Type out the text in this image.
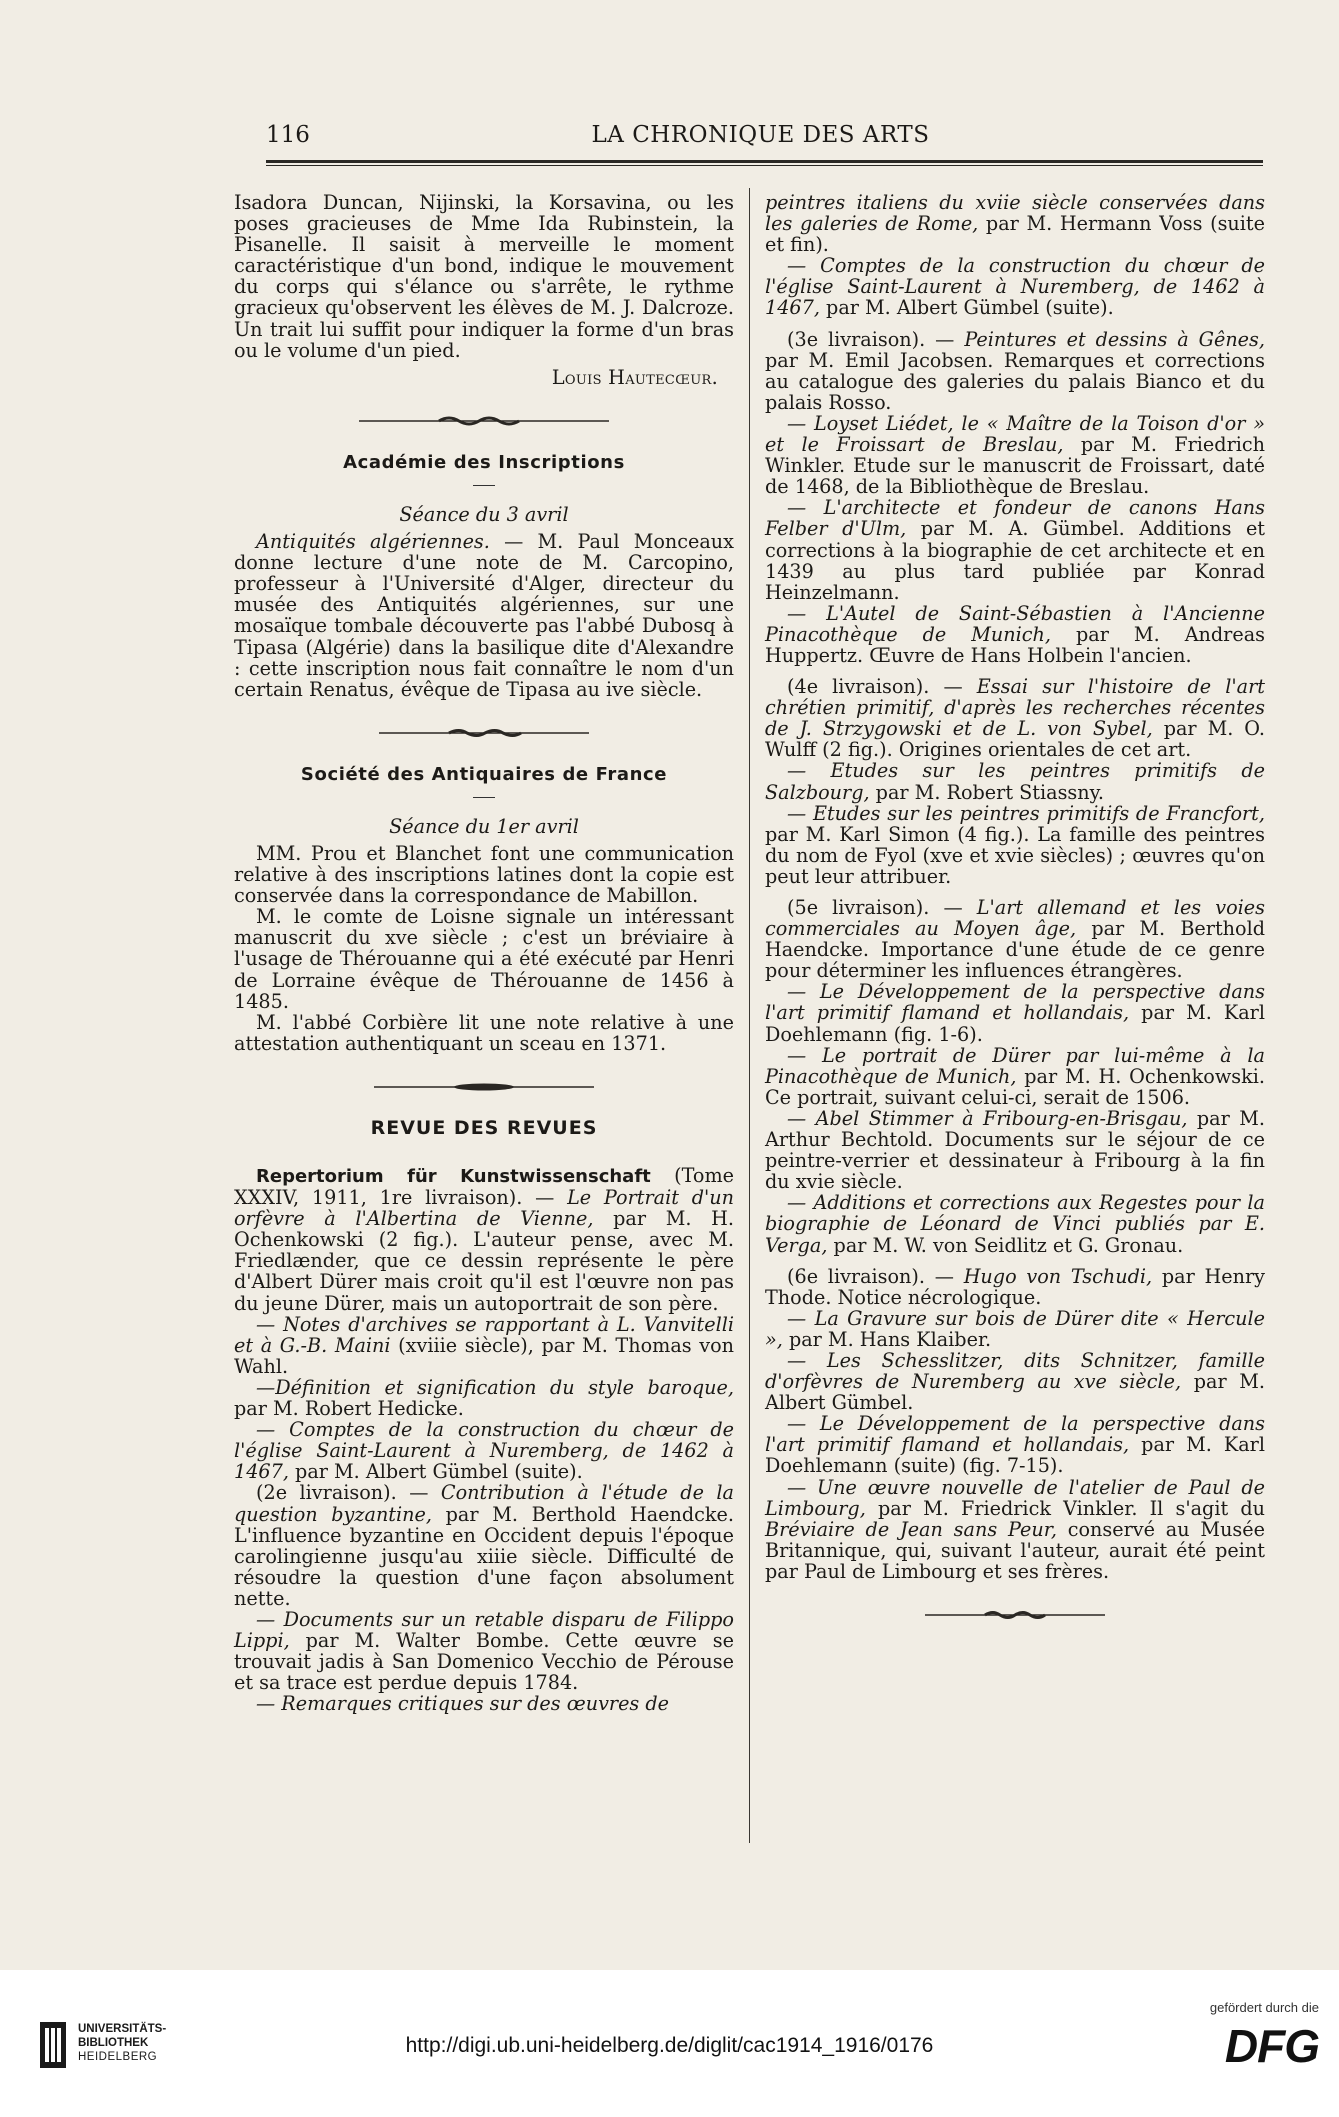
116	LA CHRONIQUE DES ARTS

Isadora Duncan, Nijinski, la Korsavina, ou les poses gracieuses de Mme Ida Rubinstein, la Pisanelle. Il saisit à merveille le moment caractéristique d'un bond, indique le mouvement du corps qui s'élance ou s'arrête, le rythme gracieux qu'observent les élèves de M. J. Dalcroze. Un trait lui suffit pour indiquer la forme d'un bras ou le volume d'un pied.

Louis Hautecœur.
Académie des Inscriptions
Séance du 3 avril

Antiquités algériennes. — M. Paul Monceaux donne lecture d'une note de M. Carcopino, professeur à l'Université d'Alger, directeur du musée des Antiquités algériennes, sur une mosaïque tombale découverte pas l'abbé Dubosq à Tipasa (Algérie) dans la basilique dite d'Alexandre : cette inscription nous fait connaître le nom d'un certain Renatus, évêque de Tipasa au ive siècle.

Société des Antiquaires de France
Séance du 1er avril

MM. Prou et Blanchet font une communication relative à des inscriptions latines dont la copie est conservée dans la correspondance de Mabillon.

M. le comte de Loisne signale un intéressant manuscrit du xve siècle ; c'est un bréviaire à l'usage de Thérouanne qui a été exécuté par Henri de Lorraine évêque de Thérouanne de 1456 à 1485.

M. l'abbé Corbière lit une note relative à une attestation authentiquant un sceau en 1371.

REVUE DES REVUES

Repertorium für Kunstwissenschaft (Tome XXXIV, 1911, 1re livraison). — Le Portrait d'un orfèvre à l'Albertina de Vienne, par M. H. Ochenkowski (2 fig.). L'auteur pense, avec M. Friedlænder, que ce dessin représente le père d'Albert Dürer mais croit qu'il est l'œuvre non pas du jeune Dürer, mais un autoportrait de son père.

— Notes d'archives se rapportant à L. Vanvitelli et à G.-B. Maini (xviiie siècle), par M. Thomas von Wahl.

—Définition et signification du style baroque, par M. Robert Hedicke.

— Comptes de la construction du chœur de l'église Saint-Laurent à Nuremberg, de 1462 à 1467, par M. Albert Gümbel (suite).

(2e livraison). — Contribution à l'étude de la question byzantine, par M. Berthold Haendcke. L'influence byzantine en Occident depuis l'époque carolingienne jusqu'au xiiie siècle. Difficulté de résoudre la question d'une façon absolument nette.

— Documents sur un retable disparu de Filippo Lippi, par M. Walter Bombe. Cette œuvre se trouvait jadis à San Domenico Vecchio de Pérouse et sa trace est perdue depuis 1784.

— Remarques critiques sur des œuvres de

peintres italiens du xviie siècle conservées dans les galeries de Rome, par M. Hermann Voss (suite et fin).

— Comptes de la construction du chœur de l'église Saint-Laurent à Nuremberg, de 1462 à 1467, par M. Albert Gümbel (suite).

(3e livraison). — Peintures et dessins à Gênes, par M. Emil Jacobsen. Remarques et corrections au catalogue des galeries du palais Bianco et du palais Rosso.

— Loyset Liédet, le « Maître de la Toison d'or » et le Froissart de Breslau, par M. Friedrich Winkler. Etude sur le manuscrit de Froissart, daté de 1468, de la Bibliothèque de Breslau.

— L'architecte et fondeur de canons Hans Felber d'Ulm, par M. A. Gümbel. Additions et corrections à la biographie de cet architecte et en 1439 au plus tard publiée par Konrad Heinzelmann.

— L'Autel de Saint-Sébastien à l'Ancienne Pinacothèque de Munich, par M. Andreas Huppertz. Œuvre de Hans Holbein l'ancien.

(4e livraison). — Essai sur l'histoire de l'art chrétien primitif, d'après les recherches récentes de J. Strzygowski et de L. von Sybel, par M. O. Wulff (2 fig.). Origines orientales de cet art.

— Etudes sur les peintres primitifs de Salzbourg, par M. Robert Stiassny.

— Etudes sur les peintres primitifs de Francfort, par M. Karl Simon (4 fig.). La famille des peintres du nom de Fyol (xve et xvie siècles) ; œuvres qu'on peut leur attribuer.

(5e livraison). — L'art allemand et les voies commerciales au Moyen âge, par M. Berthold Haendcke. Importance d'une étude de ce genre pour déterminer les influences étrangères.

— Le Développement de la perspective dans l'art primitif flamand et hollandais, par M. Karl Doehlemann (fig. 1-6).

— Le portrait de Dürer par lui-même à la Pinacothèque de Munich, par M. H. Ochenkowski. Ce portrait, suivant celui-ci, serait de 1506.

— Abel Stimmer à Fribourg-en-Brisgau, par M. Arthur Bechtold. Documents sur le séjour de ce peintre-verrier et dessinateur à Fribourg à la fin du xvie siècle.

— Additions et corrections aux Regestes pour la biographie de Léonard de Vinci publiés par E. Verga, par M. W. von Seidlitz et G. Gronau.

(6e livraison). — Hugo von Tschudi, par Henry Thode. Notice nécrologique.

— La Gravure sur bois de Dürer dite « Hercule », par M. Hans Klaiber.

— Les Schesslitzer, dits Schnitzer, famille d'orfèvres de Nuremberg au xve siècle, par M. Albert Gümbel.

— Le Développement de la perspective dans l'art primitif flamand et hollandais, par M. Karl Doehlemann (suite) (fig. 7-15).

— Une œuvre nouvelle de l'atelier de Paul de Limbourg, par M. Friedrick Vinkler. Il s'agit du Bréviaire de Jean sans Peur, conservé au Musée Britannique, qui, suivant l'auteur, aurait été peint par Paul de Limbourg et ses frères.

UNIVERSITÄTS-
BIBLIOTHEK
HEIDELBERG	http://digi.ub.uni-heidelberg.de/diglit/cac1914_1916/0176
gefördert durch die
DFG
